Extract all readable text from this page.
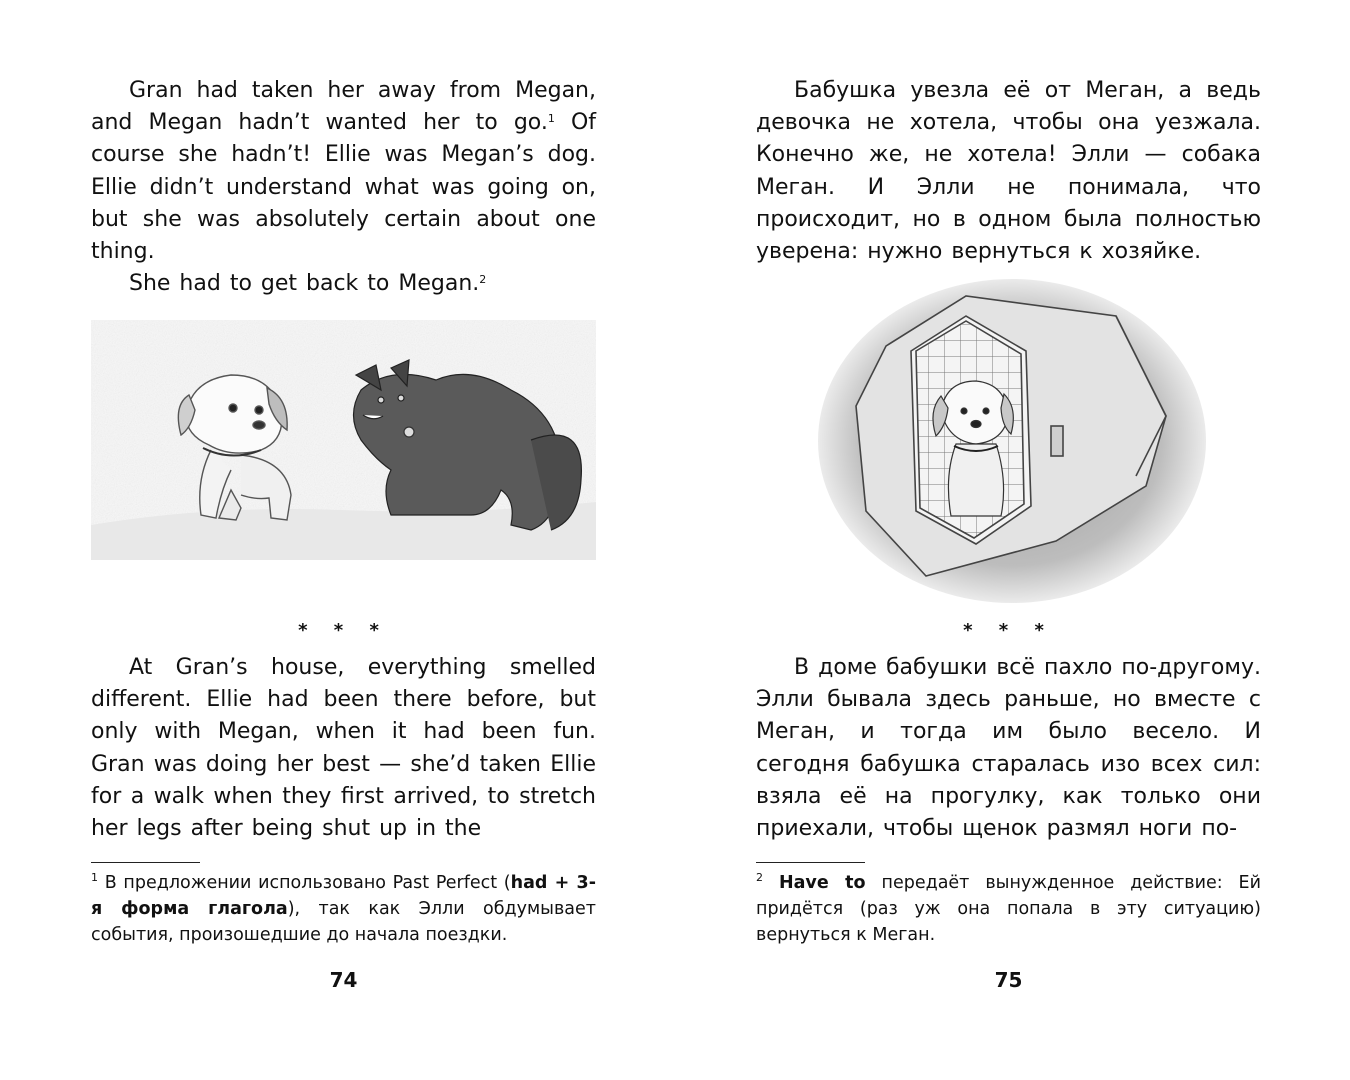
Gran had taken her away from Megan, and Megan hadn’t wanted her to go.$^1$ Of course she hadn’t! Ellie was Megan’s dog. Ellie didn’t understand what was going on, but she was absolutely certain about one thing.

She had to get back to Megan.$^2$

* * *

At Gran’s house, everything smelled different. Ellie had been there before, but only with Megan, when it had been fun. Gran was doing her best — she’d taken Ellie for a walk when they first arrived, to stretch her legs after being shut up in the

$^1$ В предложении использовано Past Perfect (had + 3-я форма глагола), так как Элли обдумывает события, произошедшие до начала поездки.

74

Бабушка увезла её от Меган, а ведь девочка не хотела, чтобы она уезжала. Конечно же, не хотела! Элли — собака Меган. И Элли не понимала, что происходит, но в одном была полностью уверена: нужно вернуться к хозяйке.

* * *

В доме бабушки всё пахло по-другому. Элли бывала здесь раньше, но вместе с Меган, и тогда им было весело. И сегодня бабушка старалась изо всех сил: взяла её на прогулку, как только они приехали, чтобы щенок размял ноги по-

$^2$ Have to передаёт вынужденное действие: Ей придётся (раз уж она попала в эту ситуацию) вернуться к Меган.

75
